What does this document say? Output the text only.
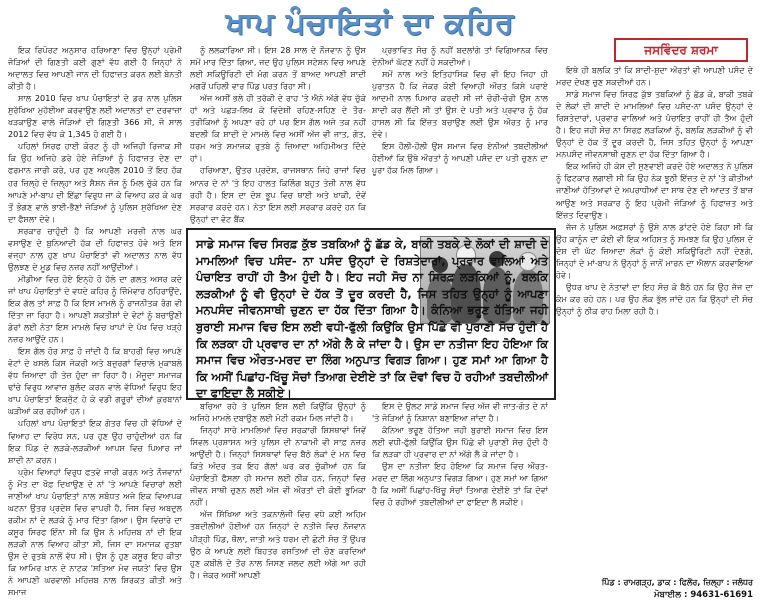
ਖਾਪ ਪੰਚਾਇਤਾਂ ਦਾ ਕਹਿਰ
ਜਸਵਿੰਦਰ ਸ਼ਰਮਾ

ਇਕ ਰਿਪੋਰਟ ਅਨੁਸਾਰ ਹਰਿਆਣਾ ਵਿਚ ਉਨ੍ਹਾਂ ਪ੍ਰੇਮੀ ਜੋੜਿਆਂ ਦੀ ਗਿਣਤੀ ਕਈ ਗੁਣਾਂ ਵੱਧ ਗਈ ਹੈ ਜਿਨ੍ਹਾਂ ਨੇ ਅਦਾਲਤ ਵਿਚ ਆਪਣੀ ਜਾਨ ਦੀ ਹਿਫਾਜ਼ਤ ਕਰਨ ਲਈ ਬੇਨਤੀ ਕੀਤੀ ਹੈ।

ਸਾਲ 2010 ਵਿਚ ਖਾਪ ਪੰਚਾਇਤਾਂ ਦੇ ਡਰ ਨਾਲ ਪੁਲਿਸ ਸੁਰੱਖਿਆ ਮੁਹੱਈਆ ਕਰਵਾਉਣ ਲਈ ਅਦਾਲਤਾਂ ਦਾ ਦਰਵਾਜ਼ਾ ਖੜਕਾਉਣ ਵਾਲੇ ਜੋੜਿਆਂ ਦੀ ਗਿਣਤੀ 366 ਸੀ, ਜੋ ਸਾਲ 2012 ਵਿਚ ਵੱਧ ਕੇ 1,345 ਹੋ ਗਈ ਹੈ।

ਪਹਿਲਾਂ ਸਿਰਫ ਹਾਈ ਕੋਰਟ ਨੂੰ ਹੀ ਅਜਿਹੀ ਰਿਜਾਕ ਸੀ ਕਿ ਉਹ ਅਜਿਹੇ ਡਰੇ ਹੋਏ ਜੋੜਿਆਂ ਨੂੰ ਹਿਫਾਜ਼ਤ ਦੇਣ ਦਾ ਫਰਮਾਨ ਜਾਰੀ ਕਰੇ, ਪਰ ਹੁਣ ਅਪ੍ਰੈਲ 2010 ਤੋਂ ਇਹ ਹੱਕ ਹਰ ਜ਼ਿਲ੍ਹੇ ਦੇ ਜ਼ਿਲ੍ਹਾ ਅਤੇ ਸੈਸ਼ਨ ਜੱਜ ਨੂੰ ਮਿਲ ਚੁੱਕੇ ਹਨ ਕਿ ਆਪਣੇ ਮਾਂ-ਬਾਪ ਦੀ ਇੱਛਾ ਵਿਰੁਧ ਜਾ ਕੇ ਵਿਆਹ ਕਰ ਕੇ ਘਰ ਤੋਂ ਭੋਗਣ ਵਾਲੇ ਭਾਈ-ਭੈਣਾਂ ਜੋੜਿਆਂ ਨੂੰ ਪੁਲਿਸ ਸੁਰੱਖਿਆ ਦੇਣ ਦਾ ਫੈਸਲਾ ਦੇਵੇ।

ਸਰਕਾਰ ਚਾਹੁੰਦੀ ਹੈ ਕਿ ਆਪਣੀ ਮਰਜ਼ੀ ਨਾਲ ਘਰ ਵਸਾਉਣ ਦੇ ਬੁਨਿਆਦੀ ਹੱਕ ਦੀ ਹਿਫਾਜ਼ਤ ਹੋਵੇ ਅਤੇ ਇਸ ਵਜ੍ਹਾ ਨਾਲ ਹੁਣ ਖਾਪ ਪੰਚਾਇਤਾਂ ਵੀ ਅਦਾਲਤ ਨਾਲ ਵੱਧ ਉਲਝਣ ਦੇ ਮੂਡ ਵਿਚ ਨਜ਼ਰ ਨਹੀਂ ਆਉਂਦੀਆਂ।

ਮੀਡੀਆ ਵਿਚ ਹੋਏ ਇਨ੍ਹੇ ਹੋ ਹੱਲੇ ਦਾ ਗਲਤ ਅਸਰ ਕਦੇ ਜਾਂ ਖਾਪ ਪੰਚਾਇਤਾਂ ਦੇ ਵਧਦੇ ਕਹਿਰ ਨੂੰ ਜ਼ਿੰਮੇਵਾਰ ਠਹਿਰਾਉਂਦੇ, ਇਕ ਗੱਲ ਤਾਂ ਸਾਫ਼ ਹੈ ਕਿ ਇਸ ਮਾਮਲੇ ਨੂੰ ਰਾਜਨੀਤਕ ਰੰਗ ਵੀ ਦਿੱਤਾ ਜਾ ਰਿਹਾ ਹੈ। ਆਪਣੀ ਸ਼ਕਤੀਸ਼ਾਂ ਦੇ ਵੋਟਾਂ ਨੂੰ ਬਚਾਉਣੀ ਡੇਰਾਂ ਲਈ ਨੇਤਾ ਇਸ ਮਾਮਲੇ ਵਿਚ ਖਾਪਾਂ ਦੇ ਪੱਖ ਵਿਚ ਖੜ੍ਹੇ ਨਜ਼ਰ ਆਉਂਦੇ ਹਨ।

ਇਸ ਗੱਲ ਹੋਰ ਸਾਫ਼ ਹੋ ਜਾਂਦੀ ਹੈ ਕਿ ਬਾਹਰੀ ਵਿਚ ਆਪਣੇ ਵੋਟਾਂ ਦੇ ਖਸਲੇ ਕਿਸ ਜੇਕਰੀ ਅਤੇ ਬਜ਼ੁਰਗਾਂ ਵਿਚਾਲੇ ਮੁਕਾਬਲੇ ਵੱਧ ਜਿਆਦਾ ਹੀ ਤੇਜ਼ ਹੁੰਦਾ ਜਾ ਰਿਹਾ ਹੈ। ਮੌਜੂਦਾ ਸਮਾਜਕ ਢਾਂਚੇ ਵਿਰੁਧ ਆਵਾਜ਼ ਬੁਲੰਦ ਕਰਨ ਵਾਲੇ ਵੱਧਿਆਂ ਵਿਰੁਧ ਇਹ ਖਾਪ ਪੰਚਾਇਤਾਂ ਇਕਜੁੱਟ ਹੋ ਕੇ ਵਡੀ ਗਰੂਰਾਂ ਦੀਆਂ ਕੁਰਬਾਨਾਂ ਘੜੀਆਂ ਕਰ ਰਹੀਆਂ ਹਨ।

ਪਹਿਲਾਂ ਖਾਪ ਪੰਚਾਇਤਾਂ ਇਕ ਗੋਤਰ ਵਿਚ ਹੀ ਵੱਧਿਆਂ ਦੇ ਵਿਆਹ ਦਾ ਵਿਰੋਧ ਸਨ, ਪਰ ਹੁਣ ਉਹ ਚਾਹੁੰਦੀਆਂ ਹਨ ਕਿ ਇਕ ਪਿੰਡ ਦੇ ਲੜਕੇ-ਲੜਕੀਆਂ ਆਪਸ ਵਿਚ ਪਿਆਰ ਜਾਂ ਸ਼ਾਦੀ ਨਾ ਕਰਨ।

ਪ੍ਰੇਮ ਵਿਆਹਾਂ ਵਿਰੁਧ ਫਤਵੇ ਜਾਰੀ ਕਰਨ ਅਤੇ ਨੌਜਵਾਨਾਂ ਨੂੰ ਮੌਤ ਦਾ ਖੌਫ਼ ਦਿਖਾਉਣ ਦੇ ਨਾਂ 'ਤੇ ਆਪਣੇ ਵਿਚਾਰਾਂ ਲਈ ਜਾਣੀਆਂ ਖਾਪ ਪੰਚਾਇਤਾਂ ਨਾਲ ਸਬੰਧਤ ਅਜੇ ਇਕ ਵਿਆਪਕ ਘਟਨਾ ਉਤਰ ਪ੍ਰਦੇਸ਼ ਵਿਚ ਵਾਪਰੀ ਹੈ, ਜਿਸ ਵਿਚ ਅਬਦੁਲ ਰਕੀਮ ਨਾਂ ਦੇ ਲੜਕੇ ਨੂੰ ਮਾਰ ਦਿੱਤਾ ਗਿਆ। ਉਸ ਵਿਚਾਰੇ ਦਾ ਕਸੂਰ ਸਿਰਫ ਇੰਨਾ ਸੀ ਕਿ ਉਸ ਨੇ ਮਹਿਜ਼ਬ ਨਾਂ ਦੀ ਇਕ ਲੜਕੀ ਨਾਲ ਵਿਆਹ ਕੀਤਾ ਸੀ, ਜਿਸ ਦਾ ਸਮਾਜਕ ਰੁਤਬਾ ਉਸ ਦੇ ਰੁਤਬੇ ਨਾਲੋਂ ਵੱਧ ਸੀ। ਉਸ ਨੂੰ ਹੁਣ ਕਸੂਰ ਇਹ ਕੀਤਾ ਕਿ ਆਮਿਰ ਖਾਨ ਦੇ ਨਾਟਕ 'ਸਤਿਆ ਮੇਵ ਜਯਤੇ' ਵਿਚ ਉਸ ਨੇ ਆਪਣੀ ਘਰਵਾਲੀ ਮਹਿਜ਼ਬ ਨਾਲ ਸ਼ਿਰਕਤ ਕੀਤੀ ਅਤੇ ਸਮਾਜ

ਨੂੰ ਲਲਕਾਰਿਆ ਸੀ। ਇਸ 28 ਸਾਲ ਦੇ ਨੌਜਵਾਨ ਨੂੰ ਉਸ ਸਮੇਂ ਮਾਰ ਦਿੱਤਾ ਗਿਆ, ਜਦ ਉਹ ਪੁਲਿਸ ਸਟੇਸ਼ਨ ਵਿਚ ਆਪਣੇ ਲਈ ਸਕਿਊਰਿਟੀ ਦੀ ਮੰਗ ਕਰਨ ਤੋਂ ਬਾਅਦ ਆਪਣੀ ਸ਼ਾਦੀ ਮਗਰੋਂ ਪਹਿਲੀ ਵਾਰ ਪਿੰਡ ਪਰਤ ਰਿਹਾ ਸੀ।

ਅੱਜ ਅਸੀਂ ਭਲੇ ਹੀ ਤਰੱਕੀ ਦੇ ਰਾਹ 'ਤੇ ਐਨੇ ਅੱਗੇ ਵੱਧ ਚੁੱਕੇ ਹਾਂ ਅਤੇ ਪਛੜ-ਲਿਖ ਕੇ ਵਿਦੇਸ਼ੀ ਰਹਿਣ-ਸਹਿਣ ਦੇ ਤੌਰ-ਤਰੀਕਿਆਂ ਨੂੰ ਅਪਣਾ ਰਹੇ ਹਾਂ ਪਰ ਇਸ ਗੱਲ ਅਜੇ ਤਕ ਨਹੀਂ ਬਦਲੀ ਕਿ ਸ਼ਾਦੀ ਦੇ ਮਾਮਲੇ ਵਿਚ ਅਸੀਂ ਅੱਜ ਵੀ ਜਾਤ, ਗੋਤ, ਧਰਮ ਅਤੇ ਸਮਾਜਕ ਰੁਤਬੇ ਨੂੰ ਜ਼ਿਆਦਾ ਅਹਿਮੀਅਤ ਦਿੰਦੇ ਹਾਂ।

ਹਰਿਆਣਾ, ਉਤਰ ਪ੍ਰਦੇਸ਼, ਰਾਜਸਥਾਨ ਜਿਹੇ ਰਾਜਾਂ ਵਿਚ ਆਨਰ ਦੇ ਨਾਂ 'ਤੇ ਇਹ ਹਾਲਤ ਕਿਲਿੰਗ ਬਹੁਤ ਤੇਜ਼ੀ ਨਾਲ ਵੱਧ ਰਹੀ ਹੈ। ਇਸ ਦਾ ਦੋਸ਼ ਭੂਪ ਵਿਚ ਥਾਈ ਅਤੇ ਖਾਕੀ, ਦੋਵੇਂ ਸਰਕਾਰ ਕਰਦੇ ਹਨ। ਨੇਤਾ ਇਸ ਲਈ ਸਰਕਾਰ ਕਰਦੇ ਹਨ ਕਿ ਉਨ੍ਹਾਂ ਦਾ ਵੋਟ ਬੈਂਕ

ਪ੍ਰਭਾਵਿਤ ਸੋਚ ਨੂੰ ਨਹੀਂ ਬਦਲਾਂਗੇ ਤਾਂ ਵਿਗਿਆਨਕ ਵਿਚ ਦੇਨੀਆਂ ਘੱਟਣ ਨਹੀਂ ਹੋ ਸਕਦੀਆਂ।

ਸਮੇਂ ਨਾਲ ਅਤੇ ਇਤਿਹਾਸਿਕ ਵਿਚ ਵੀ ਇਹ ਜਿਹਾ ਹੀ ਪੁਰਾਤਨ ਹੈ ਕਿ ਜੇਕਰ ਕੋਈ ਵਿਆਹੀ ਔਰਤ ਕਿਸੇ ਪਰਾਏ ਆਦਮੀ ਨਾਲ ਪਿਆਰ ਕਰਦੀ ਸੀ ਜਾਂ ਚੋਰੀ-ਚੋਰੀ ਉਸ ਨਾਲ ਸ਼ਾਦੀ ਕਰ ਲੈਂਦੀ ਸੀ ਤਾਂ ਉਸ ਦੇ ਪਤੀ ਅਤੇ ਪ੍ਰਵਾਰ ਨੂੰ ਹੱਕ ਹਾਸਲ ਸੀ ਕਿ ਇੱਜ਼ਤ ਬਚਾਉਣ ਲਈ ਉਸ ਔਰਤ ਨੂੰ ਮਾਰ ਦੇਵੇ।

ਇਸ ਹੌਲੀ-ਹੌਲੀ ਉਸ ਸਮਾਜ ਵਿਚ ਏਨੀਆਂ ਤਬਦੀਲੀਆਂ ਹੋਈਆਂ ਕਿ ਉਥੇ ਔਰਤਾਂ ਨੂੰ ਆਪਣੀ ਪਸੰਦ ਦਾ ਪਤੀ ਚੁਣਨ ਦਾ ਪੂਰਾ ਹੱਕ ਮਿਲ ਗਿਆ।

ਇਥੇ ਹੀ ਬਲਕਿ ਤਾਂ ਕਿ ਸ਼ਾਦੀ-ਸ਼ੁਦਾ ਔਰਤਾਂ ਵੀ ਆਪਣੀ ਪਸੰਦ ਦੇ ਮਰਦ ਦੇਖਣ ਚੁਣ ਸਕਦੀਆਂ ਹਨ।

ਸਾਡੇ ਸਮਾਜ ਵਿਚ ਸਿਰਫ਼ ਕੁੱਝ ਤਬਕਿਆਂ ਨੂੰ ਛੱਡ ਕੇ, ਬਾਕੀ ਤਬਕੇ ਦੇ ਲੋਕਾਂ ਦੀ ਸ਼ਾਦੀ ਦੇ ਮਾਮਲਿਆਂ ਵਿਚ ਪਸੰਦ-ਨਾ ਪਸੰਦ ਉਨ੍ਹਾਂ ਦੇ ਰਿਸ਼ਤੇਦਾਰਾਂ, ਪ੍ਰਵਾਰ ਵਾਲਿਆਂ ਅਤੇ ਪੰਚਾਇਤ ਰਾਹੀਂ ਹੀ ਤੈਅ ਹੁੰਦੀ ਹੈ। ਇਹ ਜਹੀ ਸੋਚ ਨਾ ਸਿਰਫ਼ ਲੜਕਿਆਂ ਨੂੰ, ਬਲਕਿ ਲੜਕੀਆਂ ਨੂੰ ਵੀ ਉਨ੍ਹਾਂ ਦੇ ਹੱਕ ਤੋਂ ਦੂਰ ਕਰਦੀ ਹੈ, ਜਿਸ ਤਹਿਤ ਉਨ੍ਹਾਂ ਨੂੰ ਆਪਣਾ ਮਨਪਸੰਦ ਜੀਵਨਸਾਥੀ ਚੁਣਨ ਦਾ ਹੱਕ ਦਿੱਤਾ ਗਿਆ ਹੈ।

ਇਕ ਅਜਿਹੇ ਹੀ ਕੇਸ ਦੀ ਸੁਣਵਾਈ ਕਰਦੇ ਹੋਏ ਅਦਾਲਤ ਨੇ ਪੁਲਿਸ ਨੂੰ ਫਿਟਕਾਰ ਲਗਾਈ ਸੀ ਕਿ ਉਹ ਨੇਕ ਝੂਠੀ ਇੱਜ਼ਤ ਦੇ ਨਾਂ 'ਤੇ ਕੀਤੀਆਂ ਜਾਣੀਆਂ ਹੱਤਿਆਵਾਂ ਦੇ ਅਪਰਾਧੀਆਂ ਦਾ ਸਾਥ ਦੇਣ ਦੀ ਆਦਤ ਤੋਂ ਬਾਜ਼ ਆਉਣ ਅਤੇ ਸਰਕਾਰ ਨੂੰ ਇਹ ਪ੍ਰੇਮੀ ਜੋੜਿਆਂ ਨੂੰ ਹਿਫਾਜ਼ਤ ਅਤੇ ਇੱਜ਼ਤ ਦਿਵਾਉਣ।

ਜੱਜ ਨੇ ਪੁਲਿਸ ਅਫ਼ਸਰਾਂ ਨੂੰ ਉਸੇ ਨਾਲ ਡਾਂਟਦੇ ਹੋਏ ਕਿਹਾ ਸੀ ਕਿ ਉਹ ਕਾਨੂੰਨ ਦਾ ਕੋਈ ਵੀ ਇਕ ਅਹਿਸਤ ਨੂੰ ਸਮਝਣ ਕਿ ਉਹ ਪੁਲਿਸ ਦੇ ਦੋਸ਼ ਦੀ ਘੱਟ ਜ਼ਿਆਦਾ ਲੋਕਾਂ ਨੂੰ ਕੋਈ ਸਕਿਊਰਿਟੀ ਨਹੀਂ ਦੇਣਗੇ, ਜਿਨ੍ਹਾਂ ਦੇ ਮਾਂ-ਬਾਪ ਨੇ ਉਨ੍ਹਾਂ ਨੂੰ ਜਾਨੋਂ ਮਾਰਨ ਦਾ ਐਲਾਨ ਕਰਵਾਇਆ ਹੋਵੇ।

ਉਧਰ ਖਾਪ ਦੇ ਨੇਤਾਵਾਂ ਦਾ ਇਹ ਸੋਚ ਕੇ ਬੈਠੇ ਹਨ ਕਿ ਉਹ ਜੱਜ ਦਾ ਕੰਮ ਕਰ ਰਹੇ ਹਨ। ਪਰ ਉਹ ਲੋਕ ਭੁੱਲ ਜਾਂਦੇ ਹਨ ਕਿ ਉਨ੍ਹਾਂ ਦੀ ਸੋਚ ਉਨ੍ਹਾਂ ਨੂੰ ਠੀਕ ਰਾਹ ਮਿਲਾ ਰਹੀ ਹੈ।

ਸਾਡੇ ਸਮਾਜ ਵਿਚ ਸਿਰਫ਼ ਕੁੱਝ ਤਬਕਿਆਂ ਨੂੰ ਛੱਡ ਕੇ, ਬਾਕੀ ਤਬਕੇ ਦੇ ਲੋਕਾਂ ਦੀ ਸ਼ਾਦੀ ਦੇ ਮਾਮਲਿਆਂ ਵਿਚ ਪਸੰਦ- ਨਾ ਪਸੰਦ ਉਨ੍ਹਾਂ ਦੇ ਰਿਸ਼ਤੇਦਾਰਾਂ, ਪ੍ਰਵਾਰ ਵਾਲਿਆਂ ਅਤੇ ਪੰਚਾਇਤ ਰਾਹੀਂ ਹੀ ਤੈਅ ਹੁੰਦੀ ਹੈ। ਇਹ ਜਹੀ ਸੋਚ ਨਾ ਸਿਰਫ਼ ਲੜਕਿਆਂ ਨੂੰ, ਬਲਕਿ ਲੜਕੀਆਂ ਨੂੰ ਵੀ ਉਨ੍ਹਾਂ ਦੇ ਹੱਕ ਤੋਂ ਦੂਰ ਕਰਦੀ ਹੈ, ਜਿਸ ਤਹਿਤ ਉਨ੍ਹਾਂ ਨੂੰ ਆਪਣਾ ਮਨਪਸੰਦ ਜੀਵਨਸਾਥੀ ਚੁਣਨ ਦਾ ਹੱਕ ਦਿੱਤਾ ਗਿਆ ਹੈ। ਕੰਨਿਆ ਭਰੂਣ ਹੱਤਿਆ ਜਹੀ ਬੁਰਾਈ ਸਮਾਜ ਵਿਚ ਇਸ ਲਈ ਵਧੀ-ਫੁੱਲੀ ਕਿਉਂਕਿ ਉਸ ਪਿੱਛੇ ਵੀ ਪੁਰਾਣੀ ਸੋਚ ਹੁੰਦੀ ਹੈ ਕਿ ਲੜਕਾ ਹੀ ਪ੍ਰਵਾਰ ਦਾ ਨਾਂ ਅੱਗੇ ਲੈ ਕੇ ਜਾਂਦਾ ਹੈ। ਉਸ ਦਾ ਨਤੀਜਾ ਇਹ ਹੋਇਆ ਕਿ ਸਮਾਜ ਵਿਚ ਔਰਤ-ਮਰਦ ਦਾ ਲਿੰਗ ਅਨੁਪਾਤ ਵਿਗੜ ਗਿਆ। ਹੁਣ ਸਮਾਂ ਆ ਗਿਆ ਹੈ ਕਿ ਅਸੀਂ ਪਿਛਾਂਹ-ਖਿੱਚੂ ਸੋਚਾਂ ਤਿਆਗ ਦੇਈਏ ਤਾਂ ਕਿ ਦੋਵਾਂ ਵਿਚ ਹੋ ਰਹੀਆਂ ਤਬਦੀਲੀਆਂ ਦਾ ਫਾਇਦਾ ਲੈ ਸਕੀਏ।

ਬਚਿਆ ਰਹੇ ਤੇ ਪੁਲਿਸ ਇਸ ਲਈ ਕਿਉਂਕਿ ਉਨ੍ਹਾਂ ਨੂੰ ਅਜਿਹੇ ਮਾਮਲੇ ਦਬਾਉਣ ਲਈ ਮੋਟੀ ਰਕਮ ਮਿਲ ਜਾਂਦੀ ਹੈ।

ਜਿਨ੍ਹਾਂ ਸਾਰੇ ਮਾਮਲਿਆਂ ਵਿਚ ਸਰਕਾਰੀ ਸ਼ਿਸਥਾਵਾਂ ਜਿਵੇਂ ਸਿਵਲ ਪ੍ਰਸ਼ਾਸਨ ਅਤੇ ਪੁਲਿਸ ਦੀ ਨਾਕਾਮੀ ਵੀ ਸਾਫ਼ ਨਜ਼ਰ ਆਉਂਦੀ ਹੈ। ਜਿਨ੍ਹਾਂ ਸਿਸਥਾਵਾਂ ਵਿਚ ਬੈਠੇ ਲੋਕਾਂ ਦੇ ਮਨ ਵਿਚ ਕਿਤੇ ਅੰਦਰ ਤਕ ਇਹ ਗੱਲਾਂ ਘਰ ਕਰ ਚੁੱਕੀਆਂ ਹਨ ਕਿ ਪੰਚਾਇਤੀ ਫੈਸਲਾ ਹੀ ਸਮਾਜ ਲਈ ਠੀਕ ਹਨ, ਜਿਨ੍ਹਾਂ ਵਿਚ ਜੀਵਨ ਸਾਥੀ ਚੁਣਨ ਲਈ ਅੱਜ ਵੀ ਔਰਤਾਂ ਦੀ ਕੋਈ ਭੂਮਿਕਾ ਨਹੀਂ।

ਅੱਜ ਸਿੱਖਿਆ ਅਤੇ ਤਕਨਾਲੋਜੀ ਵਿਚ ਵਧੇ ਕਈ ਅਹਿਮ ਤਬਦੀਲੀਆਂ ਹੋਈਆਂ ਹਨ ਜਿਨ੍ਹਾਂ ਦੇ ਨਤੀਜੇ ਵਿਚ ਨੌਜਵਾਨ ਪੀੜ੍ਹੀ ਪਿੰਡ, ਥੌਲਾ, ਜਾਤੀ ਅਤੇ ਧਰਮ ਦੀ ਛੋਟੀ ਸੋਚ ਤੋਂ ਉਪਰ ਉਠ ਕੇ ਆਪਣੇ ਲਈ ਬਿਹਤਰ ਰਸਤਿਆਂ ਦੀ ਚੋਣ ਕਰਦਿਆਂ ਹੁਣ ਕਬੀਲੇ ਦੇ ਤੌਰ ਨਾਲ ਜਿਸਣ ਜਲਦ ਲਈ ਅੱਗੇ ਆ ਰਹੀ ਹੈ। ਜੇਕਰ ਅਸੀਂ ਆਪਣੀ

ਇਸ ਦੇ ਉਲਟ ਸਾਡੇ ਸਮਾਜ ਵਿਚ ਅੱਜ ਵੀ ਜਾਤ-ਗੋਤ ਦੇ ਨਾਂ 'ਤੇ ਜੋੜਿਆਂ ਨੂੰ ਨਿਸ਼ਾਨਾ ਬਣਾਇਆ ਜਾਂਦਾ ਹੈ।

ਕੰਨਿਆ ਭਰੂਣ ਹੱਤਿਆ ਜਹੀ ਬੁਰਾਈ ਸਮਾਜ ਵਿਚ ਇਸ ਲਈ ਵਧੀ-ਫੁੱਲੀ ਕਿਉਂਕਿ ਉਸ ਪਿੱਛੇ ਵੀ ਪੁਰਾਣੀ ਸੋਚ ਹੁੰਦੀ ਹੈ ਕਿ ਲੜਕਾ ਹੀ ਪ੍ਰਵਾਰ ਦਾ ਨਾਂ ਅੱਗੇ ਲੈ ਕੇ ਜਾਂਦਾ ਹੈ।

ਉਸ ਦਾ ਨਤੀਜਾ ਇਹ ਹੋਇਆ ਕਿ ਸਮਾਜ ਵਿਚ ਔਰਤ-ਮਰਦ ਦਾ ਲਿੰਗ ਅਨੁਪਾਤ ਵਿਗੜ ਗਿਆ। ਹੁਣ ਸਮਾਂ ਆ ਗਿਆ ਹੈ ਕਿ ਅਸੀਂ ਪਿਛਾਂਹ-ਖਿੱਚੂ ਸੋਚਾਂ ਤਿਆਗ ਦੇਈਏ ਤਾਂ ਕਿ ਦੋਵਾਂ ਵਿਚ ਹੋ ਰਹੀਆਂ ਤਬਦੀਲੀਆਂ ਦਾ ਫਾਇਦਾ ਲੈ ਸਕੀਏ।

ਪਿੰਡ : ਰਾਮਗੜ੍ਹ, ਡਾਕ : ਫਿਲੌਰ, ਜ਼ਿਲ੍ਹਾ : ਜਲੰਧਰ
ਮੋਬਾਈਲ : 94631-61691
